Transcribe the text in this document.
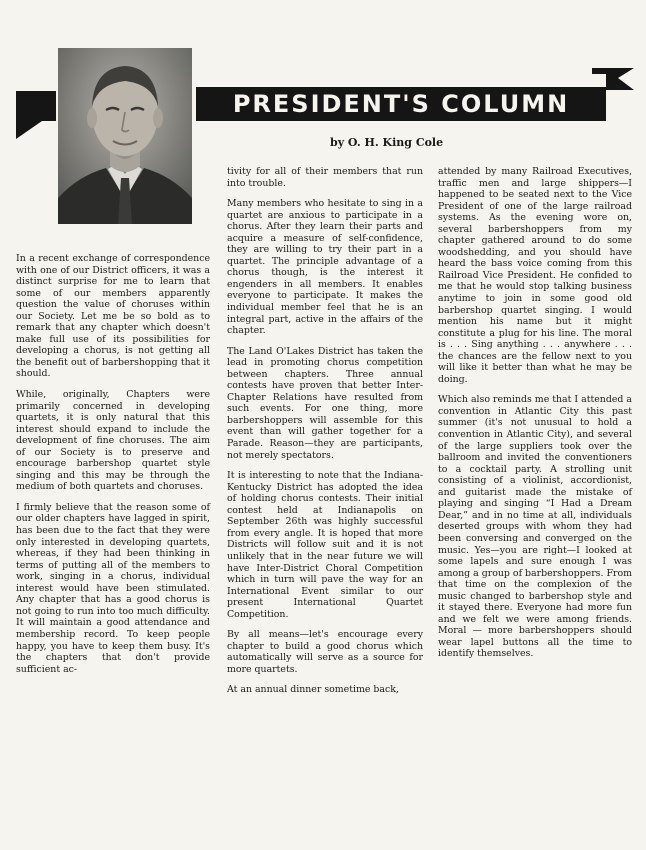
PRESIDENT'S COLUMN
by O. H. King Cole

In a recent exchange of correspondence with one of our District officers, it was a distinct surprise for me to learn that some of our members apparently question the value of choruses within our Society. Let me be so bold as to remark that any chapter which doesn't make full use of its possibilities for developing a chorus, is not getting all the benefit out of barbershopping that it should.

While, originally, Chapters were primarily concerned in developing quartets, it is only natural that this interest should expand to include the development of fine choruses. The aim of our Society is to preserve and encourage barbershop quartet style singing and this may be through the medium of both quartets and choruses.

I firmly believe that the reason some of our older chapters have lagged in spirit, has been due to the fact that they were only interested in developing quartets, whereas, if they had been thinking in terms of putting all of the members to work, singing in a chorus, individual interest would have been stimulated. Any chapter that has a good chorus is not going to run into too much difficulty. It will maintain a good attendance and membership record. To keep people happy, you have to keep them busy. It's the chapters that don't provide sufficient ac-

tivity for all of their members that run into trouble.

Many members who hesitate to sing in a quartet are anxious to participate in a chorus. After they learn their parts and acquire a measure of self-confidence, they are willing to try their part in a quartet. The principle advantage of a chorus though, is the interest it engenders in all members. It enables everyone to participate. It makes the individual member feel that he is an integral part, active in the affairs of the chapter.

The Land O'Lakes District has taken the lead in promoting chorus competition between chapters. Three annual contests have proven that better Inter-Chapter Relations have resulted from such events. For one thing, more barbershoppers will assemble for this event than will gather together for a Parade. Reason—they are participants, not merely spectators.

It is interesting to note that the Indiana-Kentucky District has adopted the idea of holding chorus contests. Their initial contest held at Indianapolis on September 26th was highly successful from every angle. It is hoped that more Districts will follow suit and it is not unlikely that in the near future we will have Inter-District Choral Competition which in turn will pave the way for an International Event similar to our present International Quartet Competition.

By all means—let's encourage every chapter to build a good chorus which automatically will serve as a source for more quartets.

At an annual dinner sometime back,

attended by many Railroad Executives, traffic men and large shippers—I happened to be seated next to the Vice President of one of the large railroad systems. As the evening wore on, several barbershoppers from my chapter gathered around to do some woodshedding, and you should have heard the bass voice coming from this Railroad Vice President. He confided to me that he would stop talking business anytime to join in some good old barbershop quartet singing. I would mention his name but it might constitute a plug for his line. The moral is . . . Sing anything . . . anywhere . . . the chances are the fellow next to you will like it better than what he may be doing.

Which also reminds me that I attended a convention in Atlantic City this past summer (it's not unusual to hold a convention in Atlantic City), and several of the large suppliers took over the ballroom and invited the conventioners to a cocktail party. A strolling unit consisting of a violinist, accordionist, and guitarist made the mistake of playing and singing “I Had a Dream Dear,” and in no time at all, individuals deserted groups with whom they had been conversing and converged on the music. Yes—you are right—I looked at some lapels and sure enough I was among a group of barbershoppers. From that time on the complexion of the music changed to barbershop style and it stayed there. Everyone had more fun and we felt we were among friends. Moral — more barbershoppers should wear lapel buttons all the time to identify themselves.
